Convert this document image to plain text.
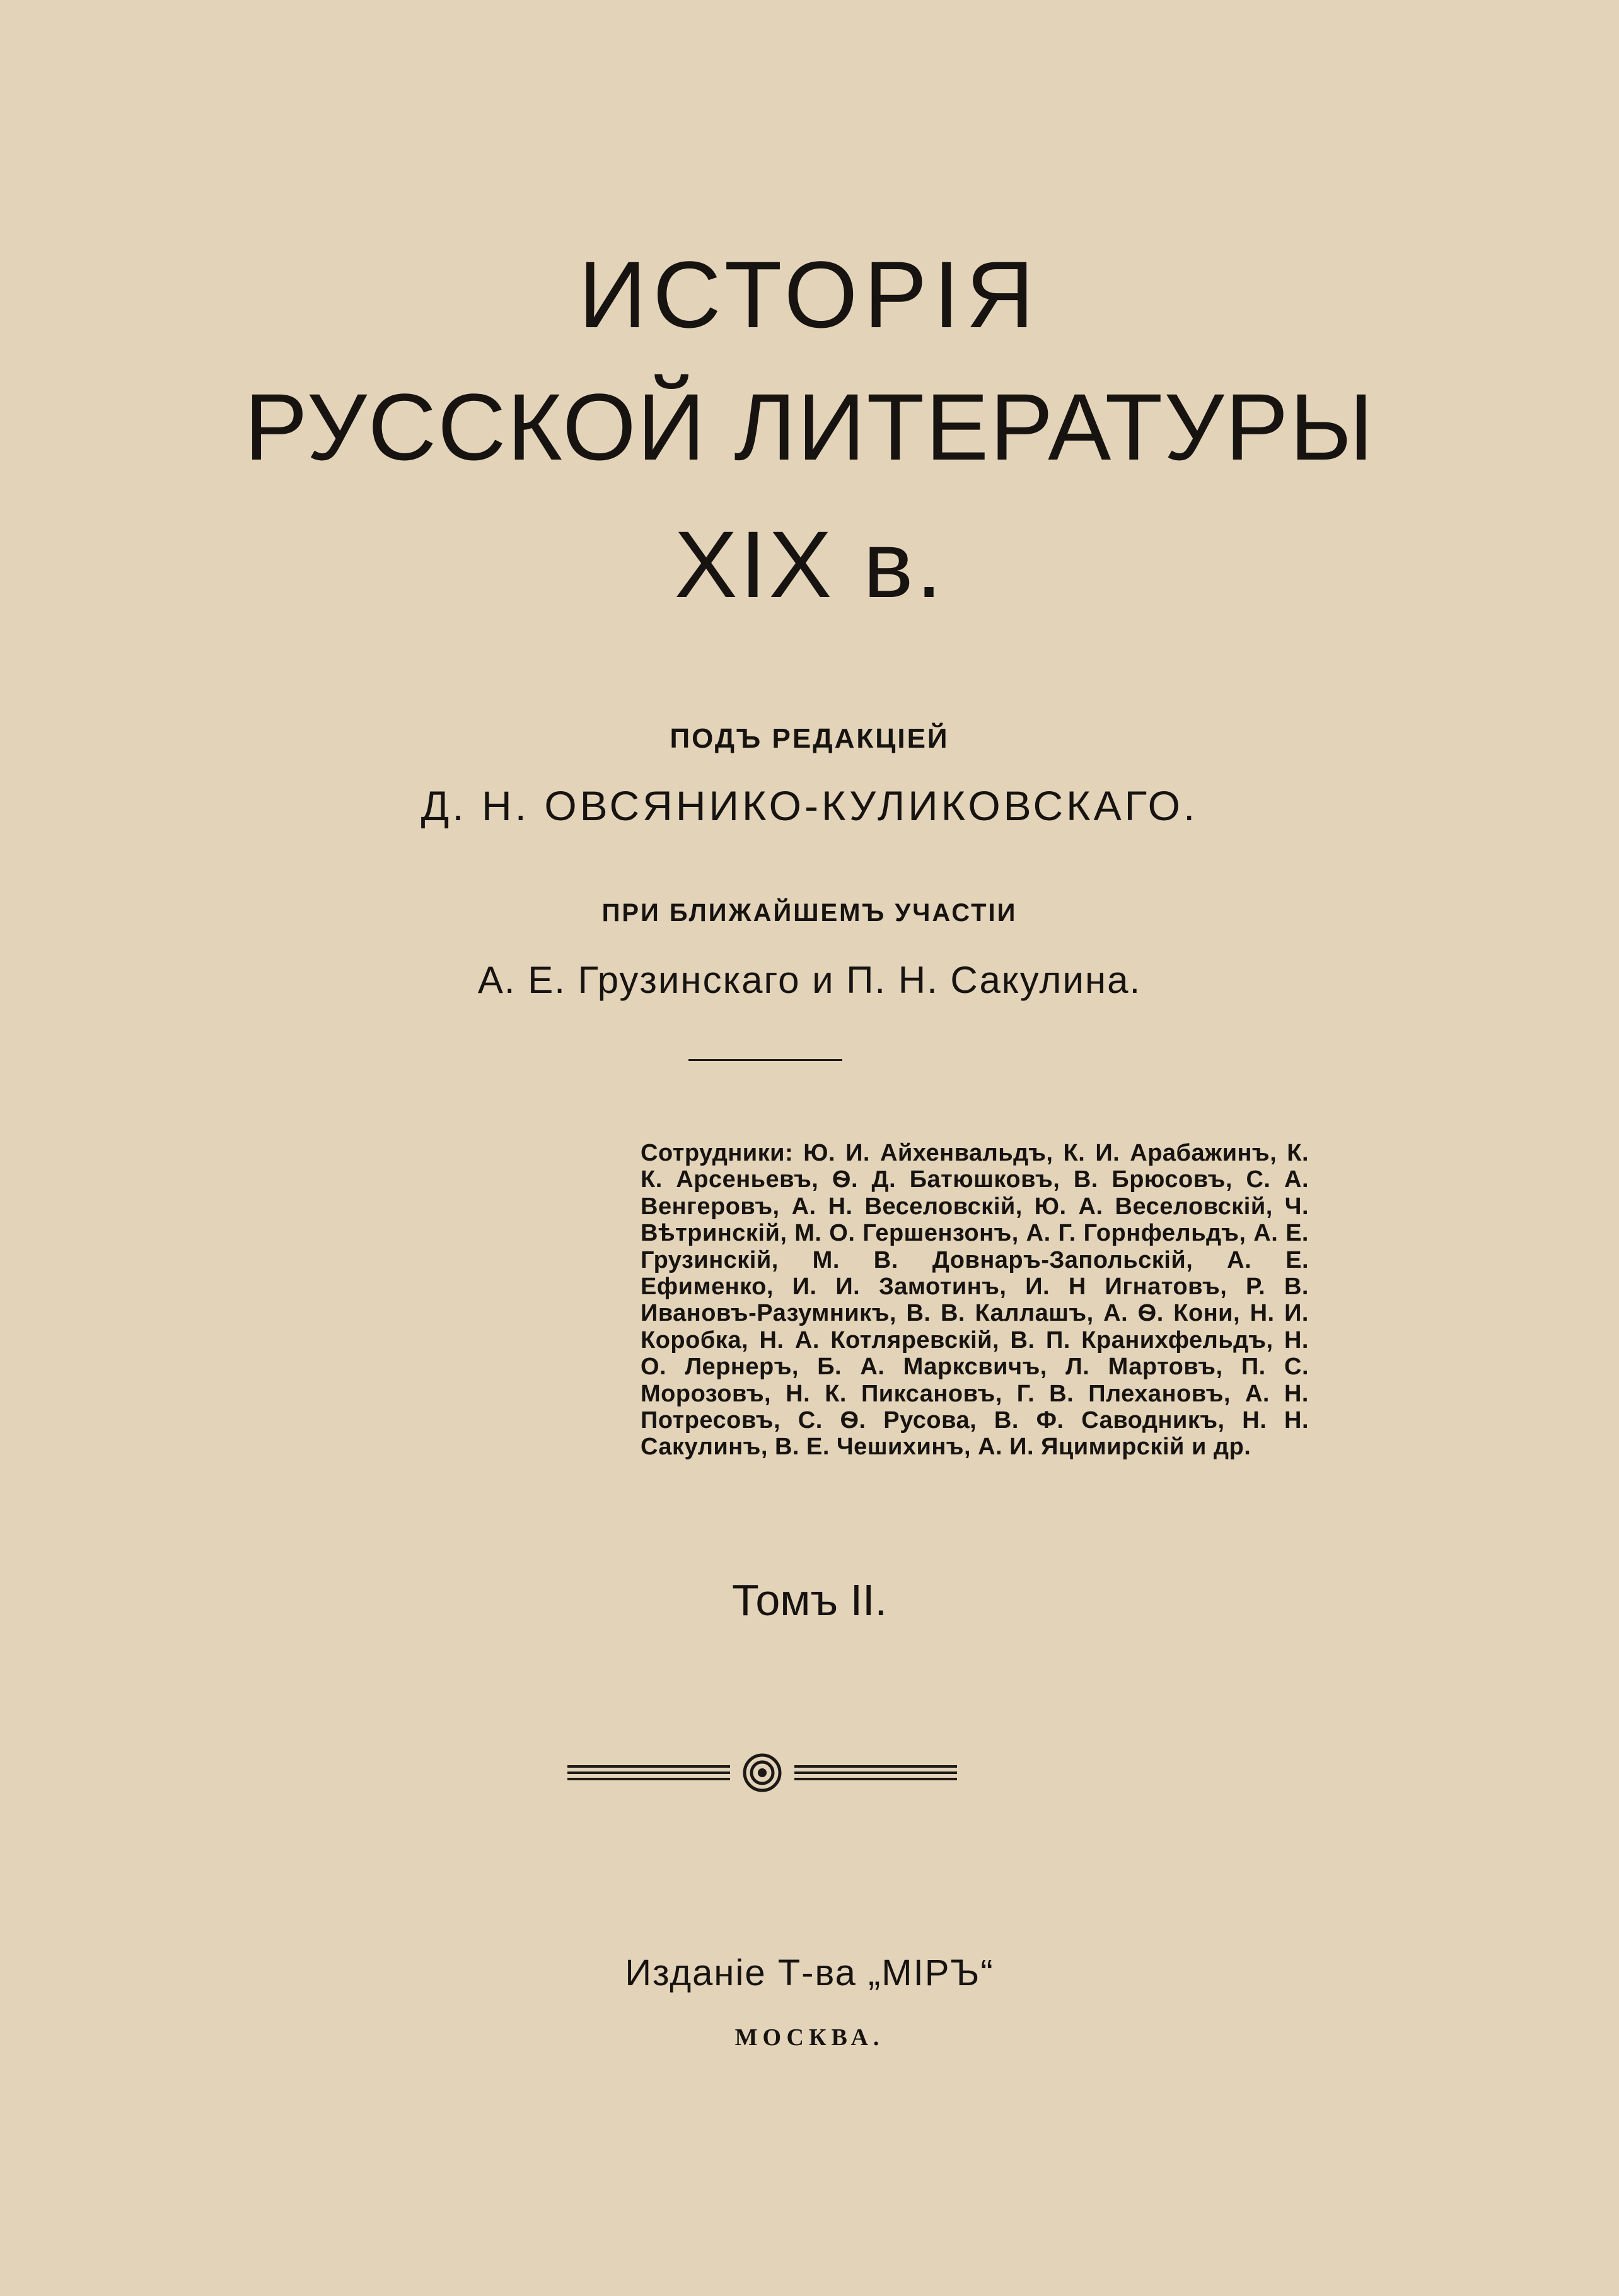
ИСТОРІЯ
РУССКОЙ ЛИТЕРАТУРЫ
XIX в.
ПОДЪ РЕДАКЦІЕЙ
Д. Н. ОВСЯНИКО-КУЛИКОВСКАГО.
ПРИ БЛИЖАЙШЕМЪ УЧАСТІИ
А. Е. Грузинскаго и П. Н. Сакулина.
Сотрудники: Ю. И. Айхенвальдъ, К. И. Арабажинъ, К. К. Арсеньевъ, Ѳ. Д. Батюшковъ, В. Брюсовъ, С. А. Венгеровъ, А. Н. Веселовскій, Ю. А. Веселовскій, Ч. Вѣтринскій, М. О. Гершензонъ, А. Г. Горнфельдъ, А. Е. Грузинскій, М. В. Довнаръ-Запольскій, А. Е. Ефименко, И. И. Замотинъ, И. Н Игнатовъ, Р. В. Ивановъ-Разумникъ, В. В. Каллашъ, А. Ѳ. Кони, Н. И. Коробка, Н. А. Котляревскій, В. П. Кранихфельдъ, Н. О. Лернеръ, Б. А. Марксвичъ, Л. Мартовъ, П. С. Морозовъ, Н. К. Пиксановъ, Г. В. Плехановъ, А. Н. Потресовъ, С. Ѳ. Русова, В. Ф. Саводникъ, Н. Н. Сакулинъ, В. Е. Чешихинъ, А. И. Яцимирскій и др.
Томъ II.
Изданіе Т-ва „МІРЪ“
МОСКВА.
